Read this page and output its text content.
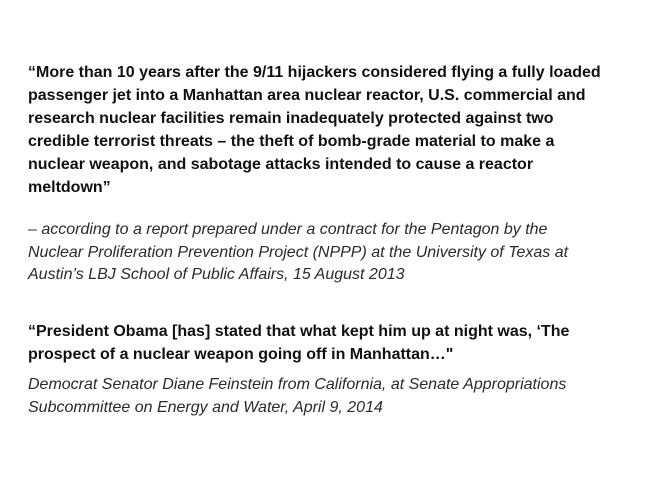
“More than 10 years after the 9/11 hijackers considered flying a fully loaded
passenger jet into a Manhattan area nuclear reactor, U.S. commercial and
research nuclear facilities remain inadequately protected against two
credible terrorist threats – the theft of bomb-grade material to make a
nuclear weapon, and sabotage attacks intended to cause a reactor
meltdown”

– according to a report prepared under a contract for the Pentagon by the
Nuclear Proliferation Prevention Project (NPPP) at the University of Texas at
Austin’s LBJ School of Public Affairs, 15 August 2013

“President Obama [has] stated that what kept him up at night was, ‘The
prospect of a nuclear weapon going off in Manhattan…"

Democrat Senator Diane Feinstein from California, at Senate Appropriations
Subcommittee on Energy and Water, April 9, 2014
